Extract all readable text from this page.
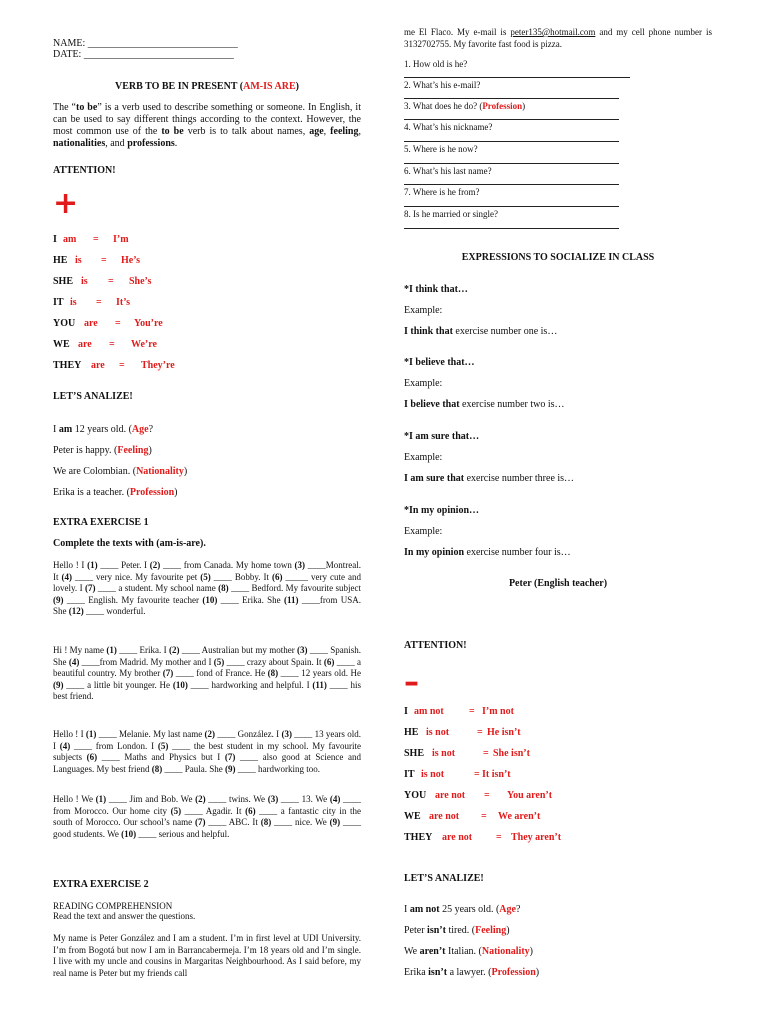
NAME: ______________________________
DATE: ______________________________
VERB TO BE IN PRESENT (AM-IS ARE)
The “to be” is a verb used to describe something or someone. In English, it can be used to say different things according to the context. However, the most common use of the to be verb is to talk about names, age, feeling, nationalities, and professions.
ATTENTION!
+
I am = I’m
HE is = He’s
SHE is = She’s
IT is = It’s
YOU are = You’re
WE are = We’re
THEY are = They’re
LET’S ANALIZE!
I am 12 years old. (Age?
Peter is happy. (Feeling)
We are Colombian. (Nationality)
Erika is a teacher. (Profession)
EXTRA EXERCISE 1
Complete the texts with (am-is-are).
Hello ! I (1) ____ Peter. I (2) ____ from Canada. My home town (3) ____Montreal. It (4) ____ very nice. My favourite pet (5) ____ Bobby. It (6) _____ very cute and lovely. I (7) ____ a student. My school name (8) ____ Bedford. My favourite subject (9) ____ English. My favourite teacher (10) ____ Erika. She (11) ____from USA. She (12) ____ wonderful.
Hi ! My name (1) ____ Erika. I (2) ____ Australian but my mother (3) ____ Spanish. She (4) ____from Madrid. My mother and I (5) ____ crazy about Spain. It (6) ____ a beautiful country. My brother (7) ____ fond of France. He (8) ____ 12 years old. He (9) ____ a little bit younger. He (10) ____ hardworking and helpful. I (11) ____ his best friend.
Hello ! I (1) ____ Melanie. My last name (2) ____ González. I (3) ____ 13 years old. I (4) ____ from London. I (5) ____ the best student in my school. My favourite subjects (6) ____ Maths and Physics but I (7) ____ also good at Science and Languages. My best friend (8) ____ Paula. She (9) ____ hardworking too.
Hello ! We (1) ____ Jim and Bob. We (2) ____ twins. We (3) ____ 13. We (4) ____ from Morocco. Our home city (5) ____ Agadir. It (6) ____ a fantastic city in the south of Morocco. Our school’s name (7) ____ ABC. It (8) ____ nice. We (9) ____ good students. We (10) ____ serious and helpful.
EXTRA EXERCISE 2
READING COMPREHENSION
Read the text and answer the questions.
My name is Peter González and I am a student. I’m in first level at UDI University. I’m from Bogotá but now I am in Barrancabermeja. I’m 18 years old and I’m single. I live with my uncle and cousins in Margaritas Neighbourhood. As I said before, my real name is Peter but my friends call
me El Flaco. My e-mail is peter135@hotmail.com and my cell phone number is 3132702755. My favorite fast food is pizza.
1. How old is he?
2. What’s his e-mail?
3. What does he do? (Profession)
4. What’s his nickname?
5. Where is he now?
6. What’s his last name?
7. Where is he from?
8. Is he married or single?
EXPRESSIONS TO SOCIALIZE IN CLASS
*I think that…
Example:
I think that exercise number one is…
*I believe that…
Example:
I believe that exercise number two is…
*I am sure that…
Example:
I am sure that exercise number three is…
*In my opinion…
Example:
In my opinion exercise number four is…
Peter (English teacher)
ATTENTION!
–
I am not	= I’m not
HE is not	= He isn’t
SHE is not	= She isn’t
IT is not	= It isn’t
YOU are not = You aren’t
WE are not = We aren’t
THEY are not = They aren’t
LET’S ANALIZE!
I am not 25 years old. (Age?
Peter isn’t tired. (Feeling)
We aren’t Italian. (Nationality)
Erika isn’t a lawyer. (Profession)
